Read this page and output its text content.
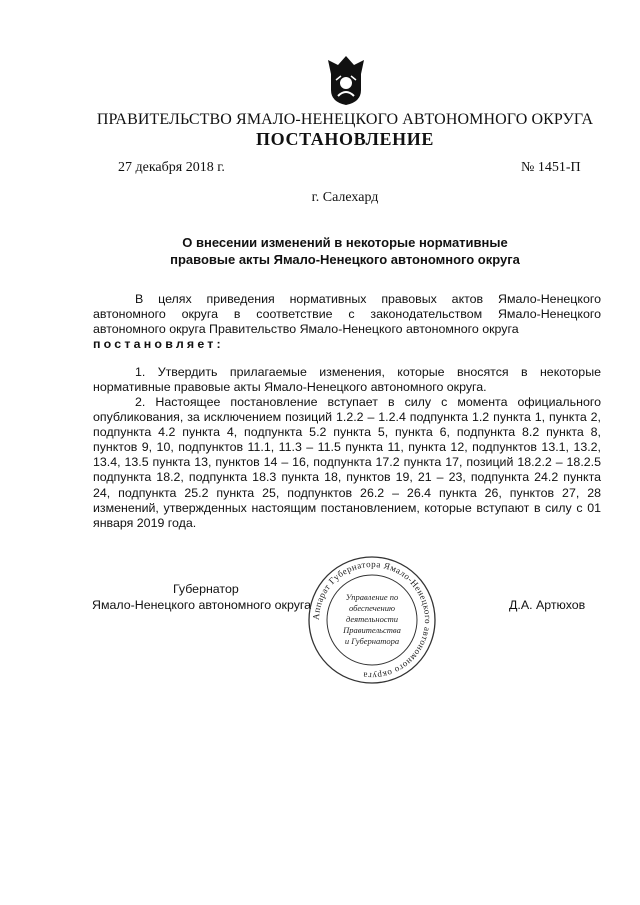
ПРАВИТЕЛЬСТВО ЯМАЛО-НЕНЕЦКОГО АВТОНОМНОГО ОКРУГА
ПОСТАНОВЛЕНИЕ
27 декабря 2018 г.	№ 1451-П
г. Салехард
О внесении изменений в некоторые нормативные
правовые акты Ямало-Ненецкого автономного округа
В целях приведения нормативных правовых актов Ямало-Ненецкого автономного округа в соответствие с законодательством Ямало-Ненецкого автономного округа Правительство Ямало-Ненецкого автономного округа
постановляет:
1. Утвердить прилагаемые изменения, которые вносятся в некоторые нормативные правовые акты Ямало-Ненецкого автономного округа.
2. Настоящее постановление вступает в силу с момента официального опубликования, за исключением позиций 1.2.2 – 1.2.4 подпункта 1.2 пункта 1, пункта 2, подпункта 4.2 пункта 4, подпункта 5.2 пункта 5, пункта 6, подпункта 8.2 пункта 8, пунктов 9, 10, подпунктов 11.1, 11.3 – 11.5 пункта 11, пункта 12, подпунктов 13.1, 13.2, 13.4, 13.5 пункта 13, пунктов 14 – 16, подпункта 17.2 пункта 17, позиций 18.2.2 – 18.2.5 подпункта 18.2, подпункта 18.3 пункта 18, пунктов 19, 21 – 23, подпункта 24.2 пункта 24, подпункта 25.2 пункта 25, подпунктов 26.2 – 26.4 пункта 26, пунктов 27, 28 изменений, утвержденных настоящим постановлением, которые вступают в силу с 01 января 2019 года.
Губернатор
Ямало-Ненецкого автономного округа	Д.А. Артюхов
Аппарат Губернатора Ямало-Ненецкого автономного округа
Управление по
обеспечению
деятельности
Правительства
и Губернатора
